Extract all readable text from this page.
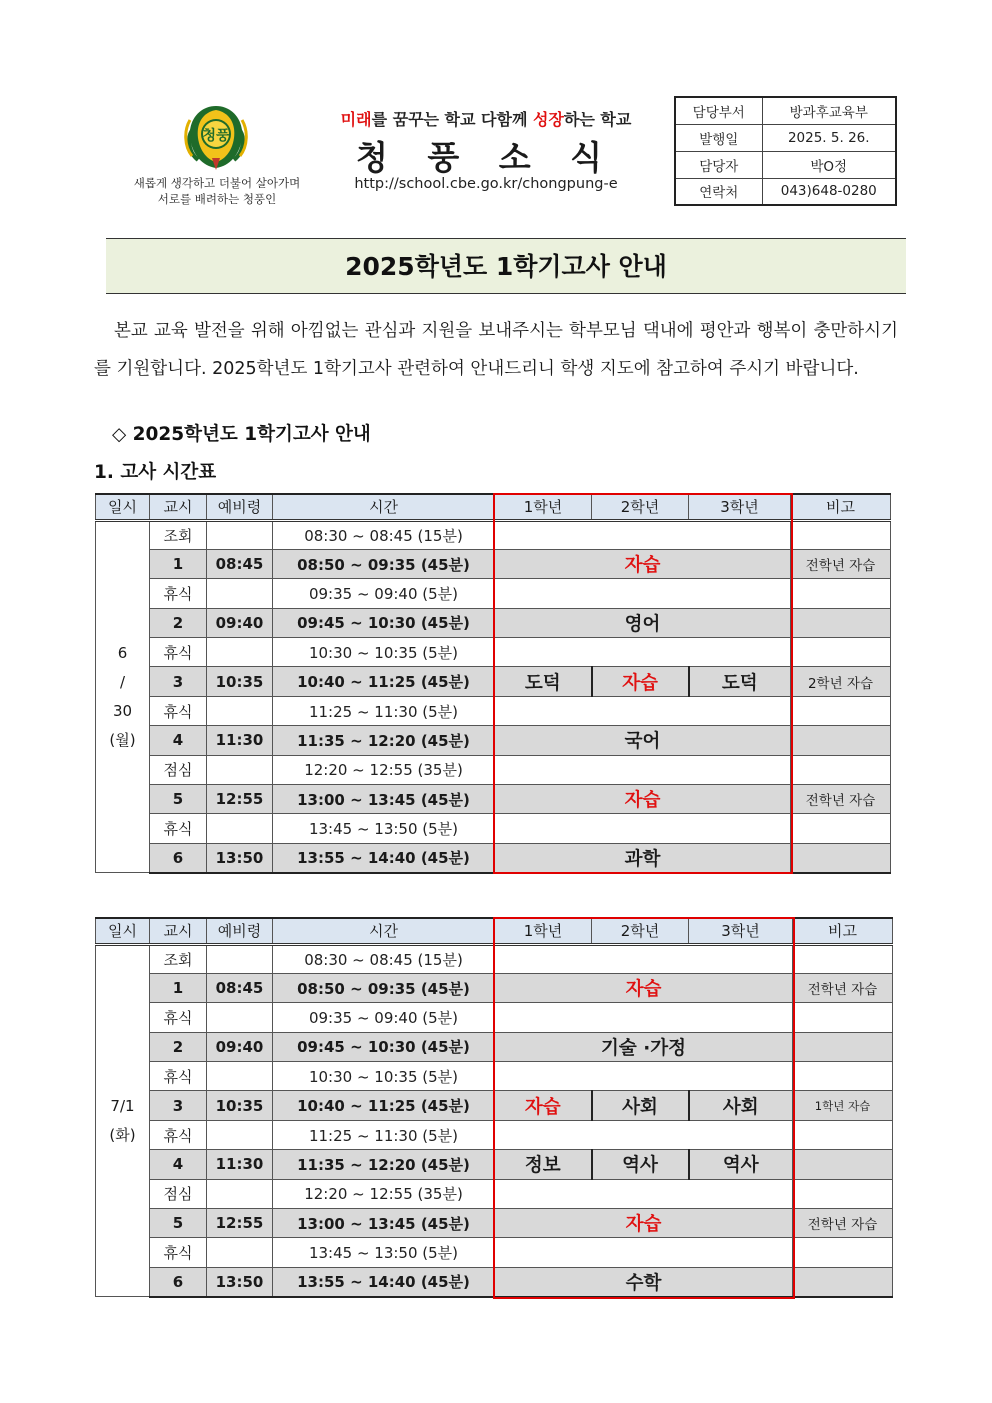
청풍
새롭게 생각하고 더불어 살아가며
서로를 배려하는 청풍인
미래를 꿈꾸는 학교 다함께 성장하는 학교
청 풍 소 식
http://school.cbe.go.kr/chongpung-e
담당부서	방과후교육부
발행일	2025. 5. 26.
담당자	박O정
연락처	043)648-0280
2025학년도 1학기고사 안내

본교 교육 발전을 위해 아낌없는 관심과 지원을 보내주시는 학부모님 댁내에 평안과 행복이 충만하시기를 기원합니다. 2025학년도 1학기고사 관련하여 안내드리니 학생 지도에 참고하여 주시기 바랍니다.

◇ 2025학년도 1학기고사 안내
1. 고사 시간표
일시	교시	예비령	시간	1학년	2학년	3학년	비고

6
/
30
(월)	조회		08:30 ~ 08:45 (15분)				
	1	08:45	08:50 ~ 09:35 (45분)	자습			전학년 자습
	휴식		09:35 ~ 09:40 (5분)				
	2	09:40	09:45 ~ 10:30 (45분)	영어			
	휴식		10:30 ~ 10:35 (5분)				
	3	10:35	10:40 ~ 11:25 (45분)	도덕	자습	도덕	2학년 자습
	휴식		11:25 ~ 11:30 (5분)				
	4	11:30	11:35 ~ 12:20 (45분)	국어			
	점심		12:20 ~ 12:55 (35분)				
	5	12:55	13:00 ~ 13:45 (45분)	자습			전학년 자습
	휴식		13:45 ~ 13:50 (5분)				
	6	13:50	13:55 ~ 14:40 (45분)	과학			
일시	교시	예비령	시간	1학년	2학년	3학년	비고

7/1
(화)	조회		08:30 ~ 08:45 (15분)				
	1	08:45	08:50 ~ 09:35 (45분)	자습			전학년 자습
	휴식		09:35 ~ 09:40 (5분)				
	2	09:40	09:45 ~ 10:30 (45분)	기술 ·가정			
	휴식		10:30 ~ 10:35 (5분)				
	3	10:35	10:40 ~ 11:25 (45분)	자습	사회	사회	1학년 자습
	휴식		11:25 ~ 11:30 (5분)				
	4	11:30	11:35 ~ 12:20 (45분)	정보	역사	역사	
	점심		12:20 ~ 12:55 (35분)				
	5	12:55	13:00 ~ 13:45 (45분)	자습			전학년 자습
	휴식		13:45 ~ 13:50 (5분)				
	6	13:50	13:55 ~ 14:40 (45분)	수학			
